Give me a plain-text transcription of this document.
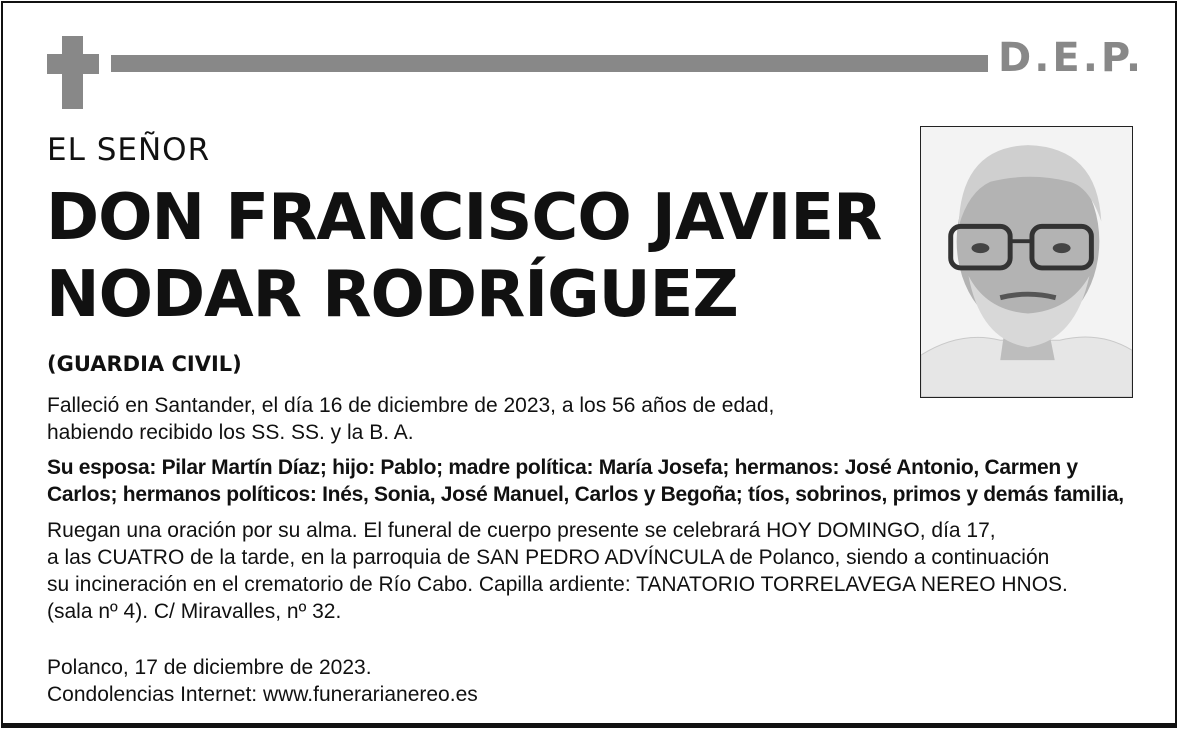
D.E.P.
EL SEÑOR
DON FRANCISCO JAVIER
NODAR RODRÍGUEZ
(GUARDIA CIVIL)
Falleció en Santander, el día 16 de diciembre de 2023, a los 56 años de edad,
habiendo recibido los SS. SS. y la B. A.
Su esposa: Pilar Martín Díaz; hijo: Pablo; madre política: María Josefa; hermanos: José Antonio, Carmen y
Carlos; hermanos políticos: Inés, Sonia, José Manuel, Carlos y Begoña; tíos, sobrinos, primos y demás familia,
Ruegan una oración por su alma. El funeral de cuerpo presente se celebrará HOY DOMINGO, día 17,
a las CUATRO de la tarde, en la parroquia de SAN PEDRO ADVÍNCULA de Polanco, siendo a continuación
su incineración en el crematorio de Río Cabo. Capilla ardiente: TANATORIO TORRELAVEGA NEREO HNOS.
(sala nº 4). C/ Miravalles, nº 32.
Polanco, 17 de diciembre de 2023.
Condolencias Internet: www.funerarianereo.es
